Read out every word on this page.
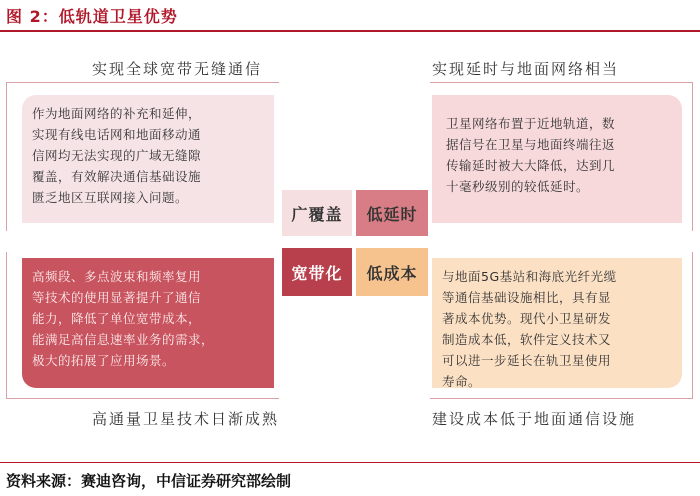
图 2：低轨道卫星优势
实现全球宽带无缝通信	实现延时与地面网络相当
高通量卫星技术日渐成熟	建设成本低于地面通信设施
作为地面网络的补充和延伸，
实现有线电话网和地面移动通
信网均无法实现的广域无缝隙
覆盖，有效解决通信基础设施
匮乏地区互联网接入问题。
卫星网络布置于近地轨道，数
据信号在卫星与地面终端往返
传输延时被大大降低，达到几
十毫秒级别的较低延时。
高频段、多点波束和频率复用
等技术的使用显著提升了通信
能力，降低了单位宽带成本，
能满足高信息速率业务的需求，
极大的拓展了应用场景。
与地面5G基站和海底光纤光缆
等通信基础设施相比，具有显
著成本优势。现代小卫星研发
制造成本低，软件定义技术又
可以进一步延长在轨卫星使用
寿命。
广覆盖	低延时
宽带化	低成本
资料来源：赛迪咨询，中信证券研究部绘制
